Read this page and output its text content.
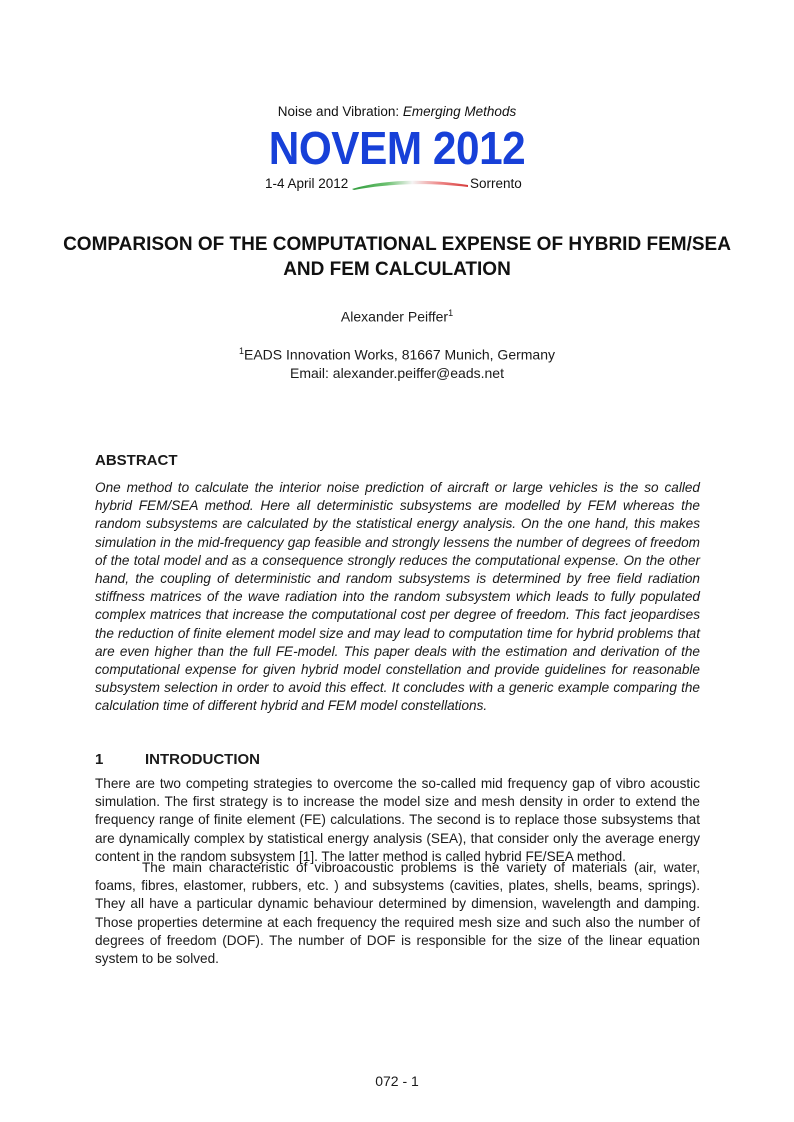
Noise and Vibration: Emerging Methods
NOVEM 2012
1-4 April 2012	Sorrento
COMPARISON OF THE COMPUTATIONAL EXPENSE OF HYBRID FEM/SEA AND FEM CALCULATION
Alexander Peiffer$^1$
$^1$EADS Innovation Works, 81667 Munich, Germany
Email: alexander.peiffer@eads.net
ABSTRACT
One method to calculate the interior noise prediction of aircraft or large vehicles is the so called hybrid FEM/SEA method. Here all deterministic subsystems are modelled by FEM whereas the random subsystems are calculated by the statistical energy analysis. On the one hand, this makes simulation in the mid-frequency gap feasible and strongly lessens the number of degrees of freedom of the total model and as a consequence strongly reduces the computational expense. On the other hand, the coupling of deterministic and random subsystems is determined by free field radiation stiffness matrices of the wave radiation into the random subsystem which leads to fully populated complex matrices that increase the computational cost per degree of freedom. This fact jeopardises the reduction of finite element model size and may lead to computation time for hybrid problems that are even higher than the full FE-model. This paper deals with the estimation and derivation of the computational expense for given hybrid model constellation and provide guidelines for reasonable subsystem selection in order to avoid this effect. It concludes with a generic example comparing the calculation time of different hybrid and FEM model constellations.
1	INTRODUCTION
There are two competing strategies to overcome the so-called mid frequency gap of vibro acoustic simulation. The first strategy is to increase the model size and mesh density in order to extend the frequency range of finite element (FE) calculations. The second is to replace those subsystems that are dynamically complex by statistical energy analysis (SEA), that consider only the average energy content in the random subsystem [1]. The latter method is called hybrid FE/SEA method.
The main characteristic of vibroacoustic problems is the variety of materials (air, water, foams, fibres, elastomer, rubbers, etc. ) and subsystems (cavities, plates, shells, beams, springs). They all have a particular dynamic behaviour determined by dimension, wavelength and damping. Those properties determine at each frequency the required mesh size and such also the number of degrees of freedom (DOF). The number of DOF is responsible for the size of the linear equation system to be solved.
072 - 1
